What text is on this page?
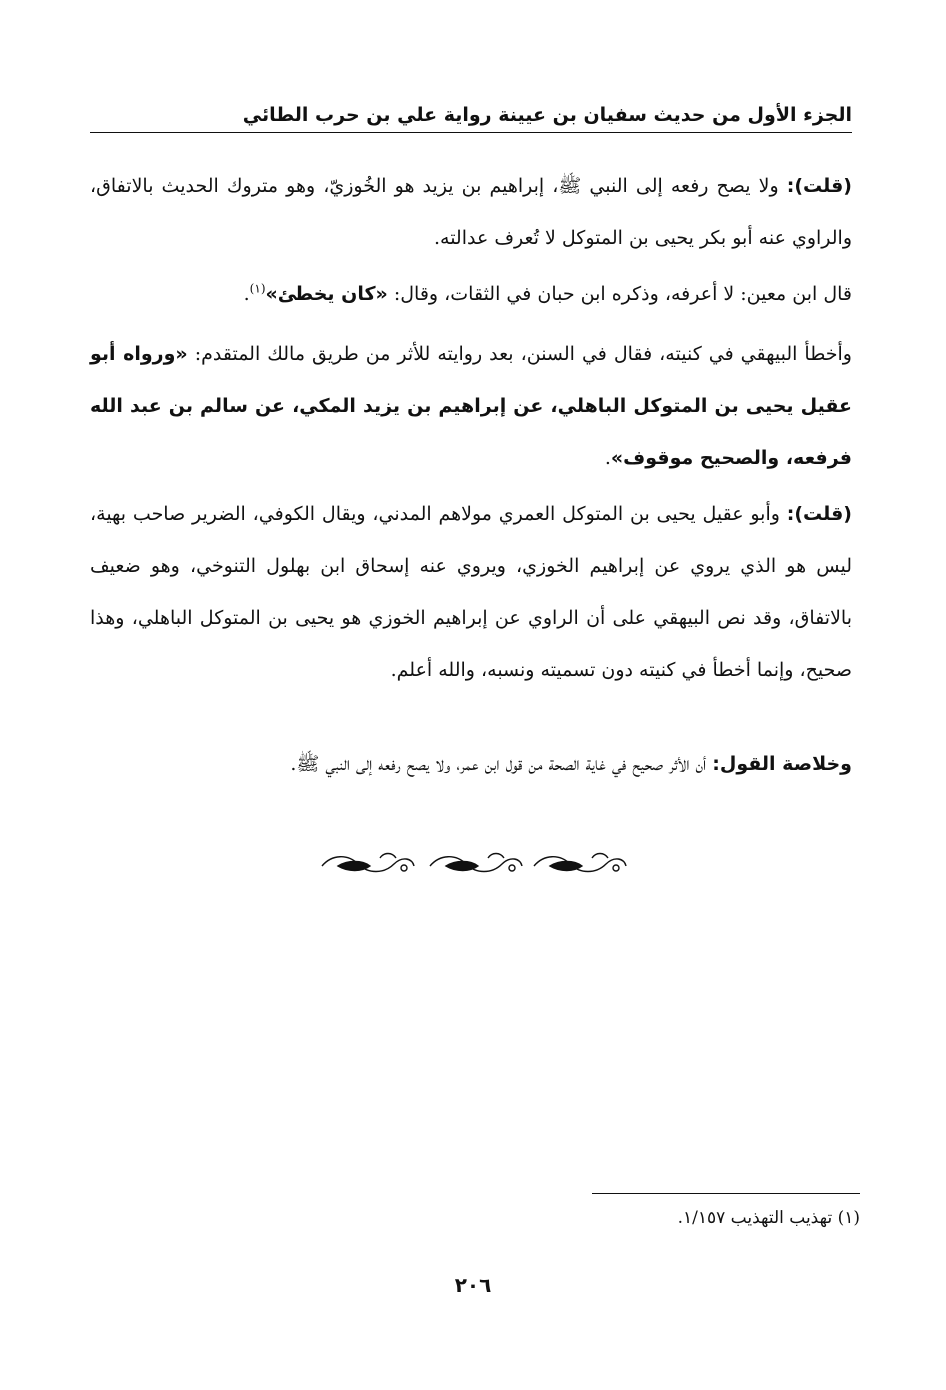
الجزء الأول من حديث سفيان بن عيينة رواية علي بن حرب الطائي

(قلت): ولا يصح رفعه إلى النبي ﷺ، إبراهيم بن يزيد هو الخُوزيّ، وهو متروك الحديث بالاتفاق، والراوي عنه أبو بكر يحيى بن المتوكل لا تُعرف عدالته.

قال ابن معين: لا أعرفه، وذكره ابن حبان في الثقات، وقال: «كان يخطئ»$^{(١)}$.

وأخطأ البيهقي في كنيته، فقال في السنن، بعد روايته للأثر من طريق مالك المتقدم: «ورواه أبو عقيل يحيى بن المتوكل الباهلي، عن إبراهيم بن يزيد المكي، عن سالم بن عبد الله فرفعه، والصحيح موقوف».

(قلت): وأبو عقيل يحيى بن المتوكل العمري مولاهم المدني، ويقال الكوفي، الضرير صاحب بهية، ليس هو الذي يروي عن إبراهيم الخوزي، ويروي عنه إسحاق ابن بهلول التنوخي، وهو ضعيف بالاتفاق، وقد نص البيهقي على أن الراوي عن إبراهيم الخوزي هو يحيى بن المتوكل الباهلي، وهذا صحيح، وإنما أخطأ في كنيته دون تسميته ونسبه، والله أعلم.

وخلاصة القول: أن الأثر صحيح في غاية الصحة من قول ابن عمر، ولا يصح رفعه إلى النبي ﷺ.

(١) تهذيب التهذيب ١/١٥٧.
٢٠٦
